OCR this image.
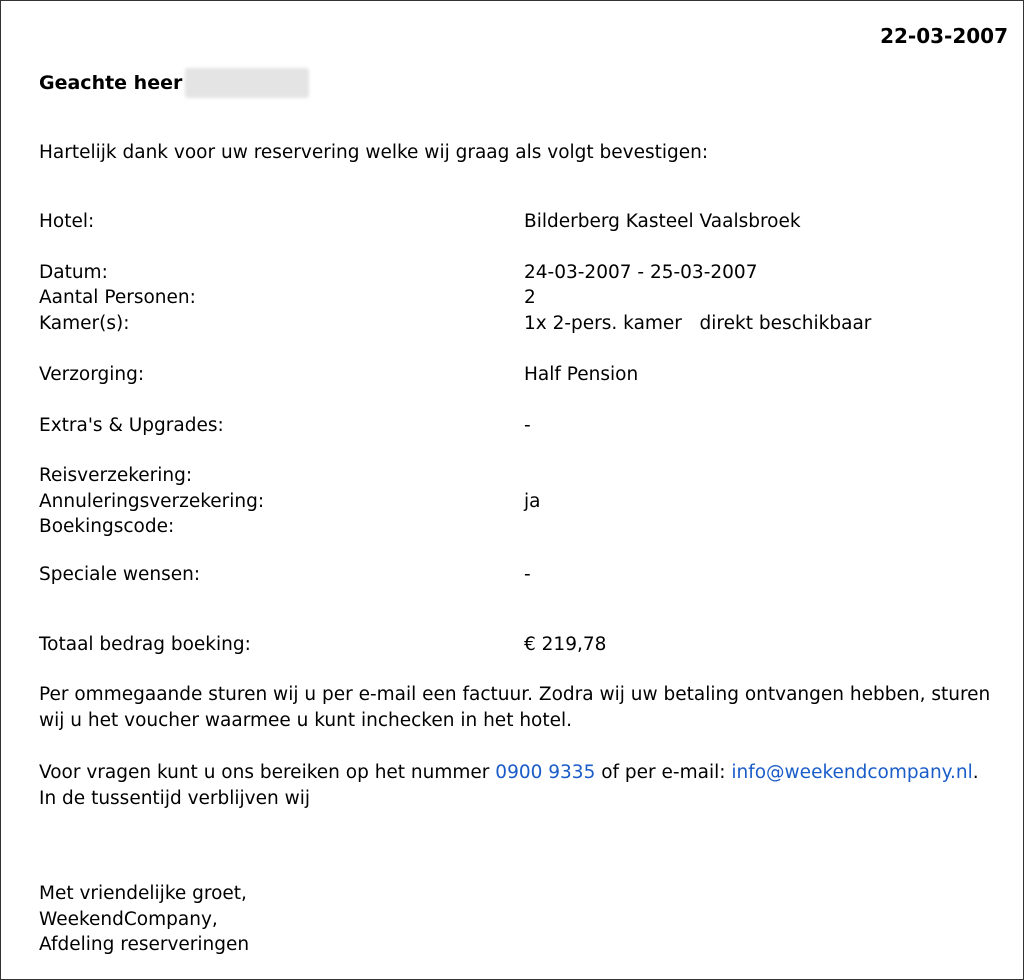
22-03-2007
Geachte heer
Hartelijk dank voor uw reservering welke wij graag als volgt bevestigen:
Hotel:	Bilderberg Kasteel Vaalsbroek
Datum:	24-03-2007 - 25-03-2007
Aantal Personen:	2
Kamer(s):	1x 2-pers. kamer   direkt beschikbaar
Verzorging:	Half Pension
Extra's & Upgrades:	-
Reisverzekering:
Annuleringsverzekering:	ja
Boekingscode:
Speciale wensen:	-
Totaal bedrag boeking:	€ 219,78
Per ommegaande sturen wij u per e-mail een factuur. Zodra wij uw betaling ontvangen hebben, sturen wij u het voucher waarmee u kunt inchecken in het hotel.
Voor vragen kunt u ons bereiken op het nummer 0900 9335 of per e-mail: info@weekendcompany.nl.
In de tussentijd verblijven wij
Met vriendelijke groet,
WeekendCompany,
Afdeling reserveringen
